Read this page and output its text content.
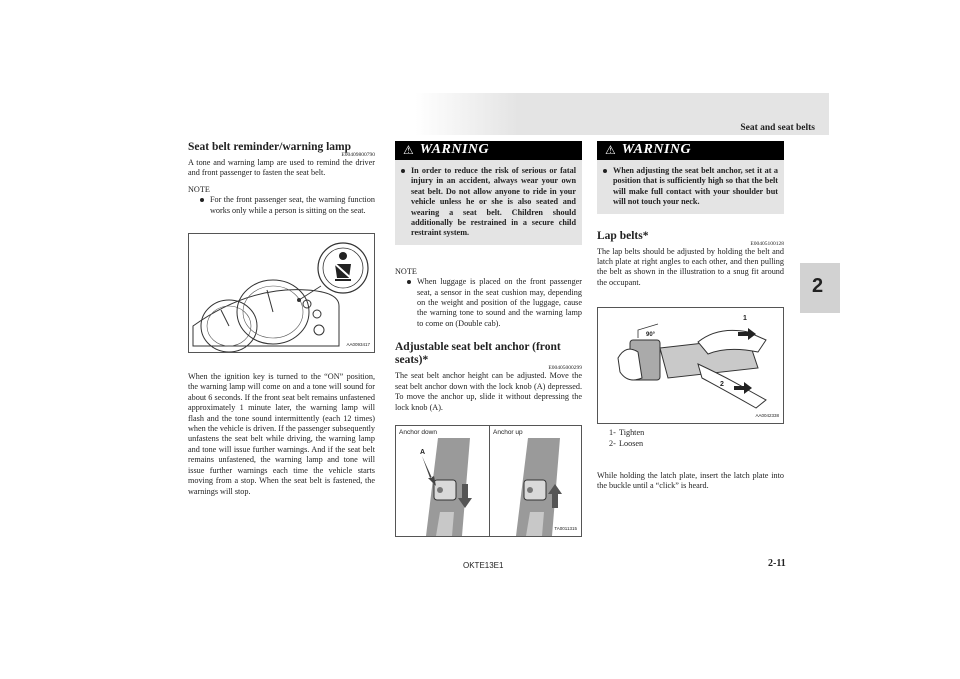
Seat and seat belts
2
Seat belt reminder/warning lamp
E00409800790

A tone and warning lamp are used to remind the driver and front passenger to fasten the seat belt.

NOTE
For the front passenger seat, the warning function works only while a person is sitting on the seat.
AA0093417

When the ignition key is turned to the “ON” position, the warning lamp will come on and a tone will sound for about 6 seconds. If the front seat belt remains unfastened approximately 1 minute later, the warning lamp will flash and the tone sound intermittently (each 12 times) when the vehicle is driven. If the passenger subsequently unfastens the seat belt while driving, the warning lamp and tone will issue further warnings. And if the seat belt remains unfastened, the warning lamp and tone will issue further warnings each time the vehicle starts moving from a stop. When the seat belt is fastened, the warnings will stop.

⚠ WARNING
In order to reduce the risk of serious or fatal injury in an accident, always wear your own seat belt. Do not allow anyone to ride in your vehicle unless he or she is also seated and wearing a seat belt. Children should additionally be restrained in a secure child restraint system.
NOTE
When luggage is placed on the front passenger seat, a sensor in the seat cushion may, depending on the weight and position of the luggage, cause the warning tone to sound and the warning lamp to come on (Double cab).
Adjustable seat belt anchor (front seats)*
E00405000299

The seat belt anchor height can be adjusted. Move the seat belt anchor down with the lock knob (A) depressed. To move the anchor up, slide it without depressing the lock knob (A).

Anchor down	Anchor up
A
TA0011315
⚠ WARNING
When adjusting the seat belt anchor, set it at a position that is sufficiently high so that the belt will make full contact with your shoulder but will not touch your neck.
Lap belts*
E00405100128

The lap belts should be adjusted by holding the belt and latch plate at right angles to each other, and then pulling the belt as shown in the illustration to a snug fit around the occupant.

90°
1
2
AA0042338
1- Tighten
2- Loosen

While holding the latch plate, insert the latch plate into the buckle until a “click” is heard.

OKTE13E1	2-11
